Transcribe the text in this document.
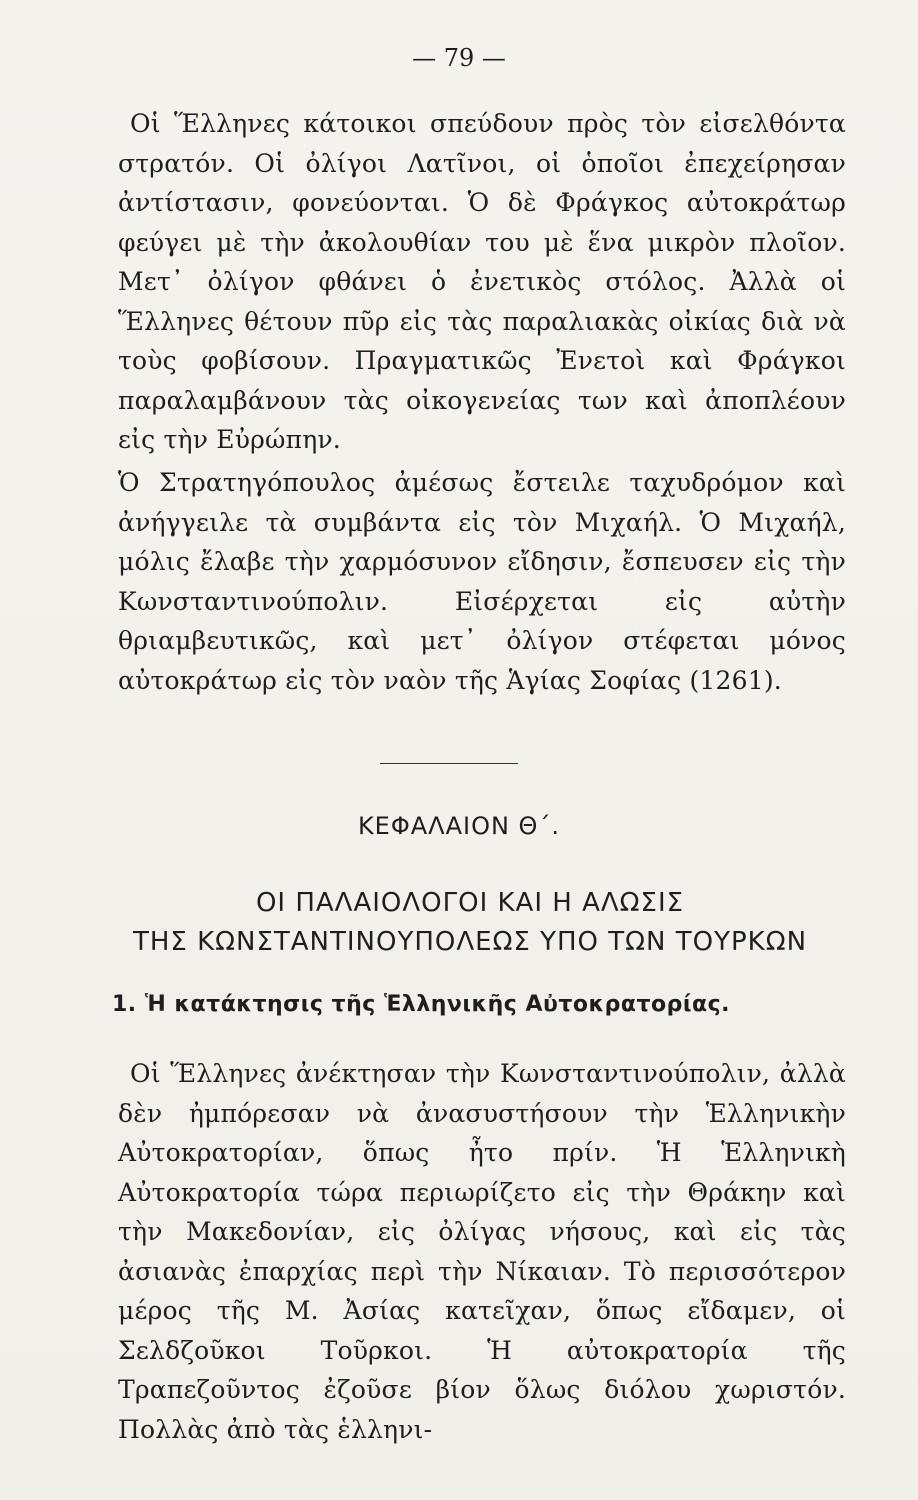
— 79 —

Οἱ Ἕλληνες κάτοικοι σπεύδουν πρὸς τὸν εἰσελθόντα στρατόν. Οἱ ὀλίγοι Λατῖνοι, οἱ ὁποῖοι ἐπεχείρησαν ἀντίστασιν, φονεύονται. Ὁ δὲ Φράγκος αὐτοκράτωρ φεύγει μὲ τὴν ἀκολουθίαν του μὲ ἕνα μικρὸν πλοῖον. Μετ᾽ ὀλίγον φθάνει ὁ ἐνετικὸς στόλος. Ἀλλὰ οἱ Ἕλληνες θέτουν πῦρ εἰς τὰς παραλιακὰς οἰκίας διὰ νὰ τοὺς φοβίσουν. Πραγματικῶς Ἐνετοὶ καὶ Φράγκοι παραλαμβάνουν τὰς οἰκογενείας των καὶ ἀποπλέουν εἰς τὴν Εὐρώπην.

Ὁ Στρατηγόπουλος ἀμέσως ἔστειλε ταχυδρόμον καὶ ἀνήγγειλε τὰ συμβάντα εἰς τὸν Μιχαήλ. Ὁ Μιχαήλ, μόλις ἔλαβε τὴν χαρμόσυνον εἴδησιν, ἔσπευσεν εἰς τὴν Κωνσταντινούπολιν. Εἰσέρχεται εἰς αὐτὴν θριαμβευτικῶς, καὶ μετ᾽ ὀλίγον στέφεται μόνος αὐτοκράτωρ εἰς τὸν ναὸν τῆς Ἁγίας Σοφίας (1261).

ΚΕΦΑΛΑΙΟΝ Θ΄.
ΟΙ ΠΑΛΑΙΟΛΟΓΟΙ ΚΑΙ Η ΑΛΩΣΙΣ
ΤΗΣ ΚΩΝΣΤΑΝΤΙΝΟΥΠΟΛΕΩΣ ΥΠΟ ΤΩΝ ΤΟΥΡΚΩΝ
1. Ἡ κατάκτησις τῆς Ἑλληνικῆς Αὐτοκρατορίας.

Οἱ Ἕλληνες ἀνέκτησαν τὴν Κωνσταντινούπολιν, ἀλλὰ δὲν ἠμπόρεσαν νὰ ἀνασυστήσουν τὴν Ἑλληνικὴν Αὐτοκρατορίαν, ὅπως ἦτο πρίν. Ἡ Ἑλληνικὴ Αὐτοκρατορία τώρα περιωρίζετο εἰς τὴν Θράκην καὶ τὴν Μακεδονίαν, εἰς ὀλίγας νήσους, καὶ εἰς τὰς ἀσιανὰς ἐπαρχίας περὶ τὴν Νίκαιαν. Τὸ περισσότερον μέρος τῆς Μ. Ἀσίας κατεῖχαν, ὅπως εἴδαμεν, οἱ Σελδζοῦκοι Τοῦρκοι. Ἡ αὐτοκρατορία τῆς Τραπεζοῦντος ἐζοῦσε βίον ὅλως διόλου χωριστόν. Πολλὰς ἀπὸ τὰς ἑλληνι-
